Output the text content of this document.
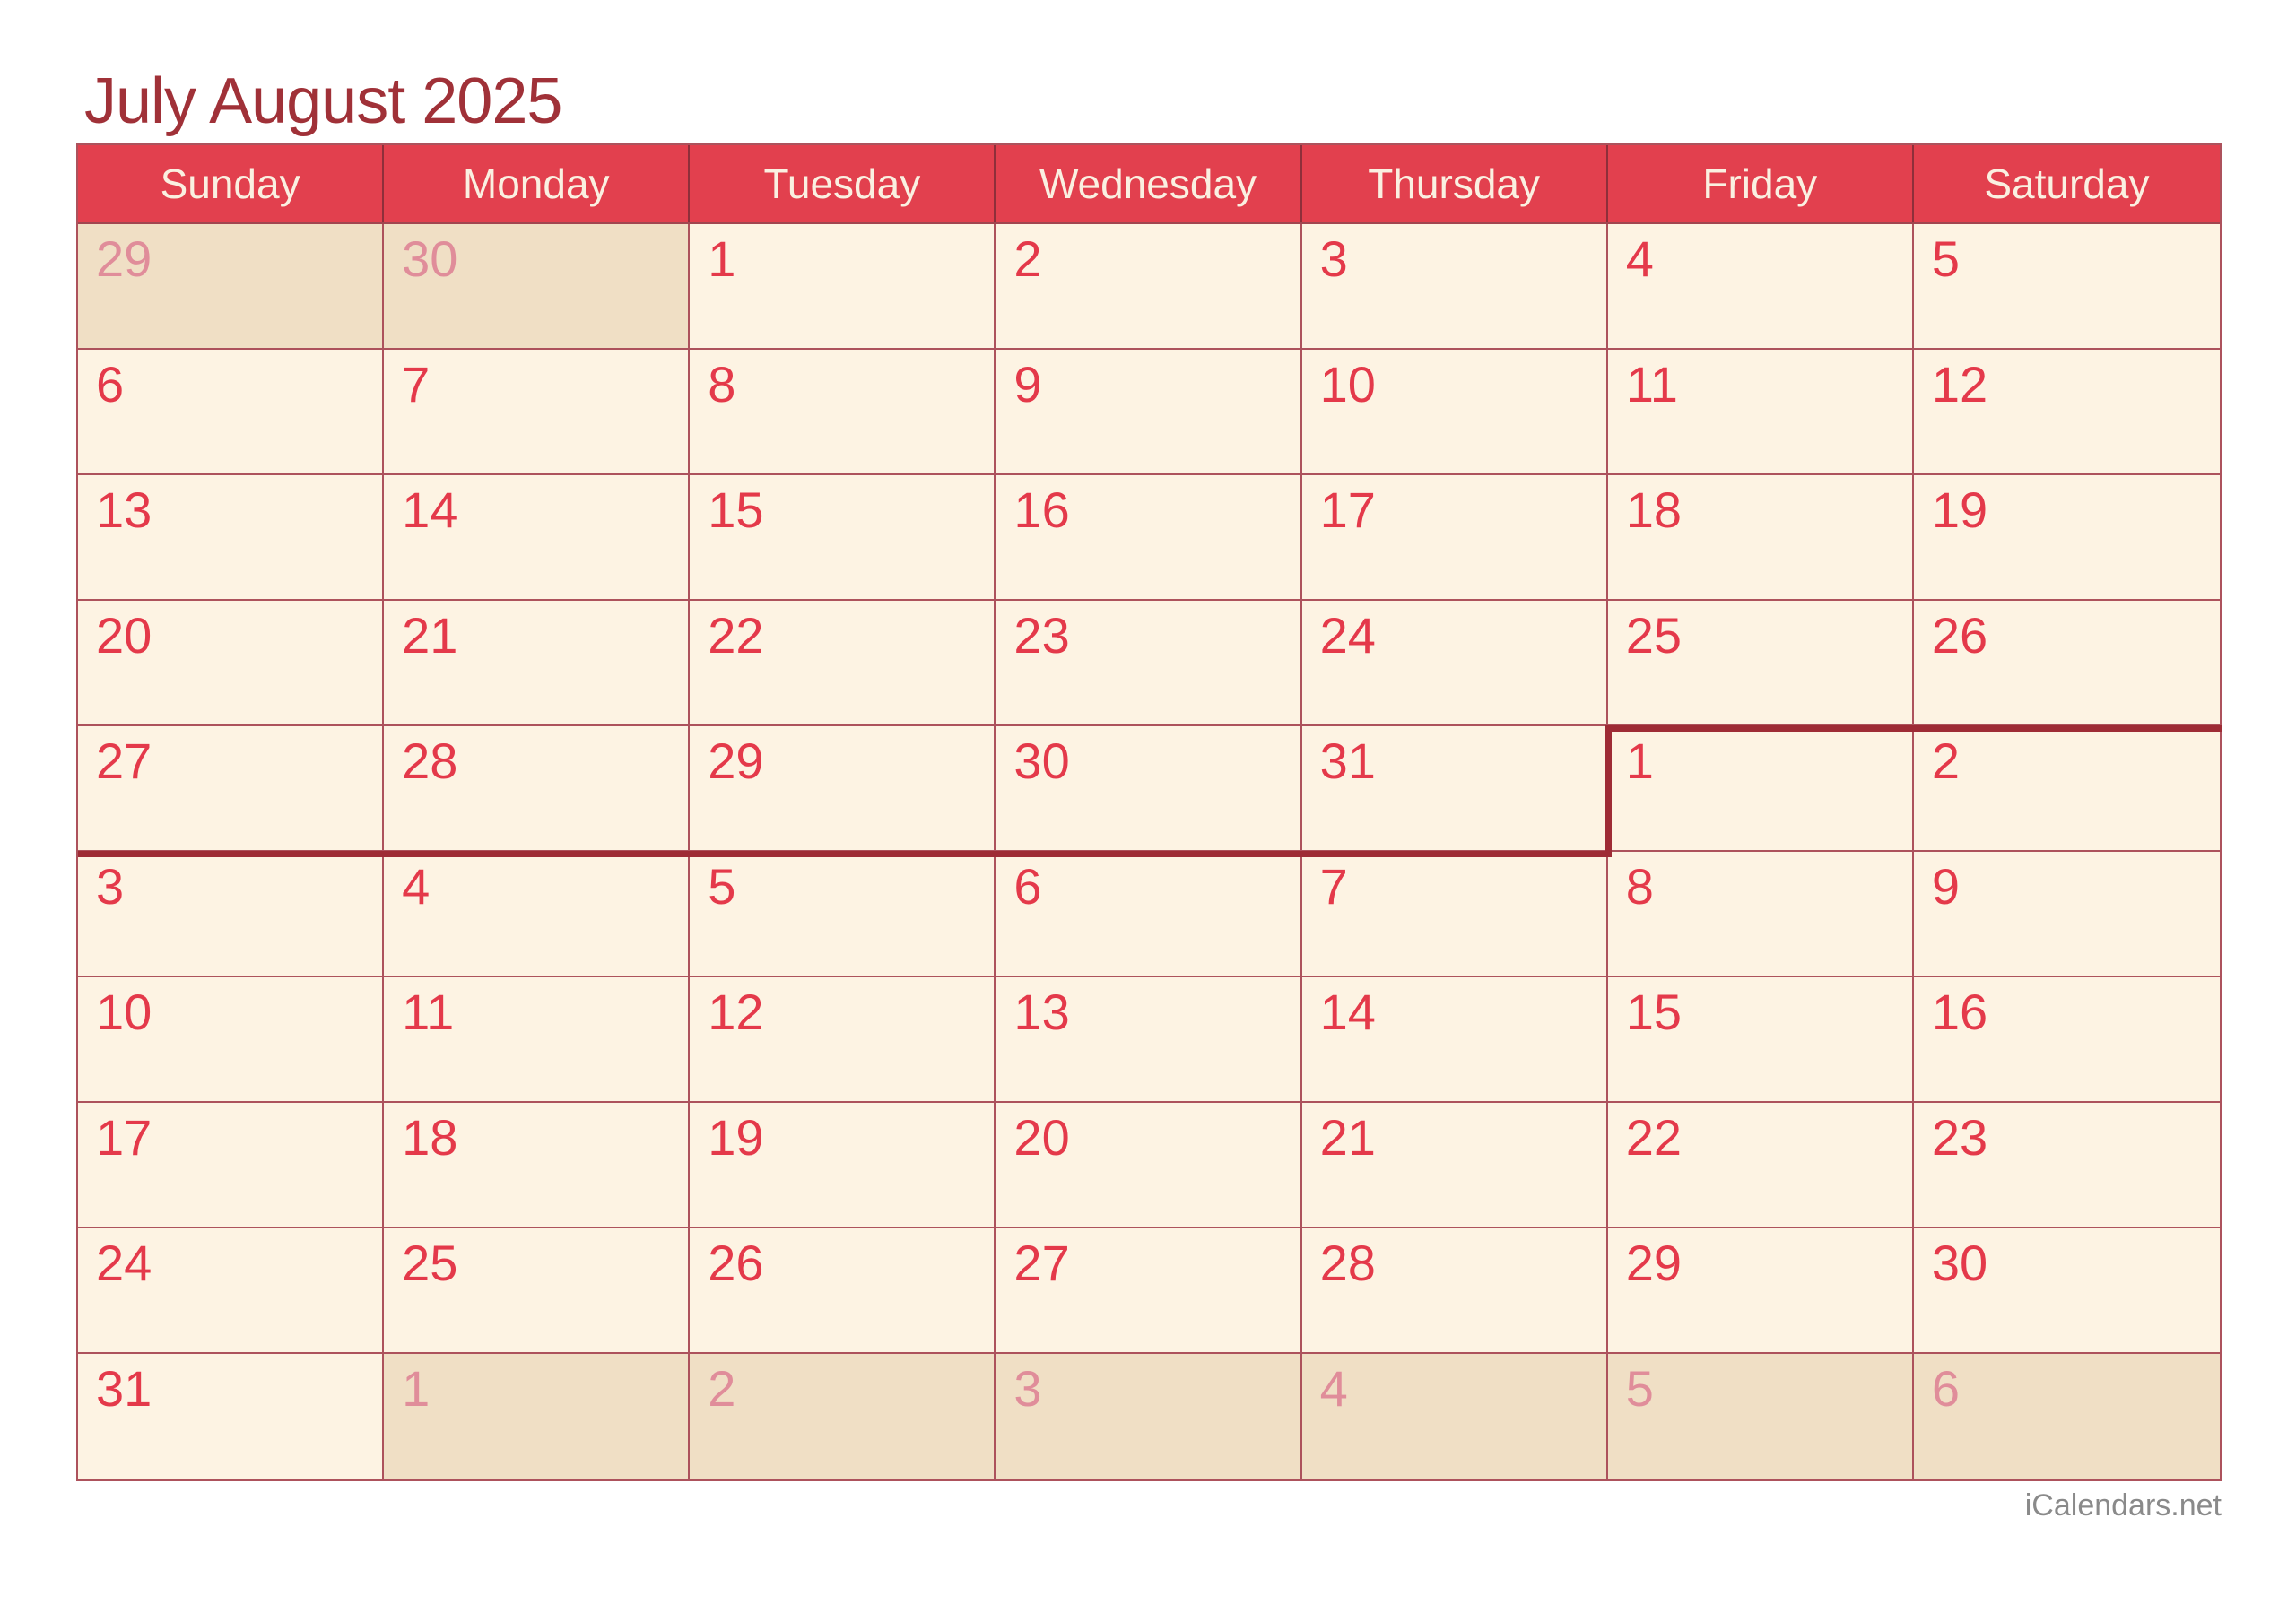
July August 2025
Sunday	Monday	Tuesday	Wednesday	Thursday	Friday	Saturday
29	30	1	2	3	4	5
6	7	8	9	10	11	12
13	14	15	16	17	18	19
20	21	22	23	24	25	26
27	28	29	30	31	1	2
3	4	5	6	7	8	9
10	11	12	13	14	15	16
17	18	19	20	21	22	23
24	25	26	27	28	29	30
31	1	2	3	4	5	6
iCalendars.net
